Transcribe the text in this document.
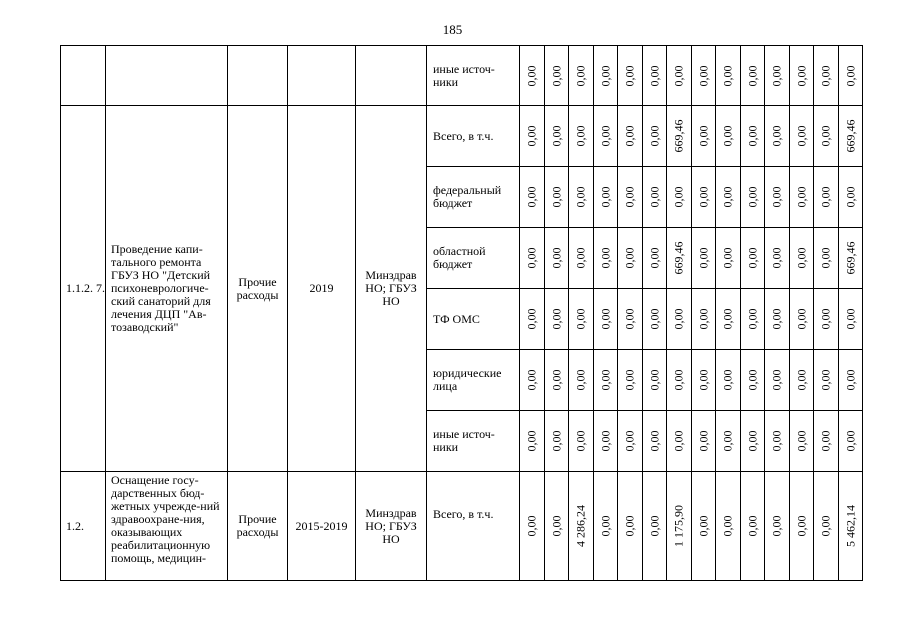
185
					иные источ-ники	0,00	0,00	0,00	0,00	0,00	0,00	0,00	0,00	0,00	0,00	0,00	0,00	0,00	0,00

1.1.2. 7.	Проведение капи-тального ремонта ГБУЗ НО "Детский психоневрологиче-ский санаторий для лечения ДЦП "Ав-тозаводский"	Прочие расходы	2019	Минздрав НО; ГБУЗ НО	Всего, в т.ч.	0,00	0,00	0,00	0,00	0,00	0,00	669,46	0,00	0,00	0,00	0,00	0,00	0,00	669,46

					федеральный бюджет	0,00	0,00	0,00	0,00	0,00	0,00	0,00	0,00	0,00	0,00	0,00	0,00	0,00	0,00

					областной бюджет	0,00	0,00	0,00	0,00	0,00	0,00	669,46	0,00	0,00	0,00	0,00	0,00	0,00	669,46

					ТФ ОМС	0,00	0,00	0,00	0,00	0,00	0,00	0,00	0,00	0,00	0,00	0,00	0,00	0,00	0,00

					юридические лица	0,00	0,00	0,00	0,00	0,00	0,00	0,00	0,00	0,00	0,00	0,00	0,00	0,00	0,00

					иные источ-ники	0,00	0,00	0,00	0,00	0,00	0,00	0,00	0,00	0,00	0,00	0,00	0,00	0,00	0,00

1.2.	Оснащение госу-дарственных бюд-жетных учрежде-ний здравоохране-ния, оказывающих реабилитационную помощь, медицин-	Прочие расходы	2015-2019	Минздрав НО; ГБУЗ НО	Всего, в т.ч.	0,00	0,00	4 286,24	0,00	0,00	0,00	1 175,90	0,00	0,00	0,00	0,00	0,00	0,00	5 462,14
